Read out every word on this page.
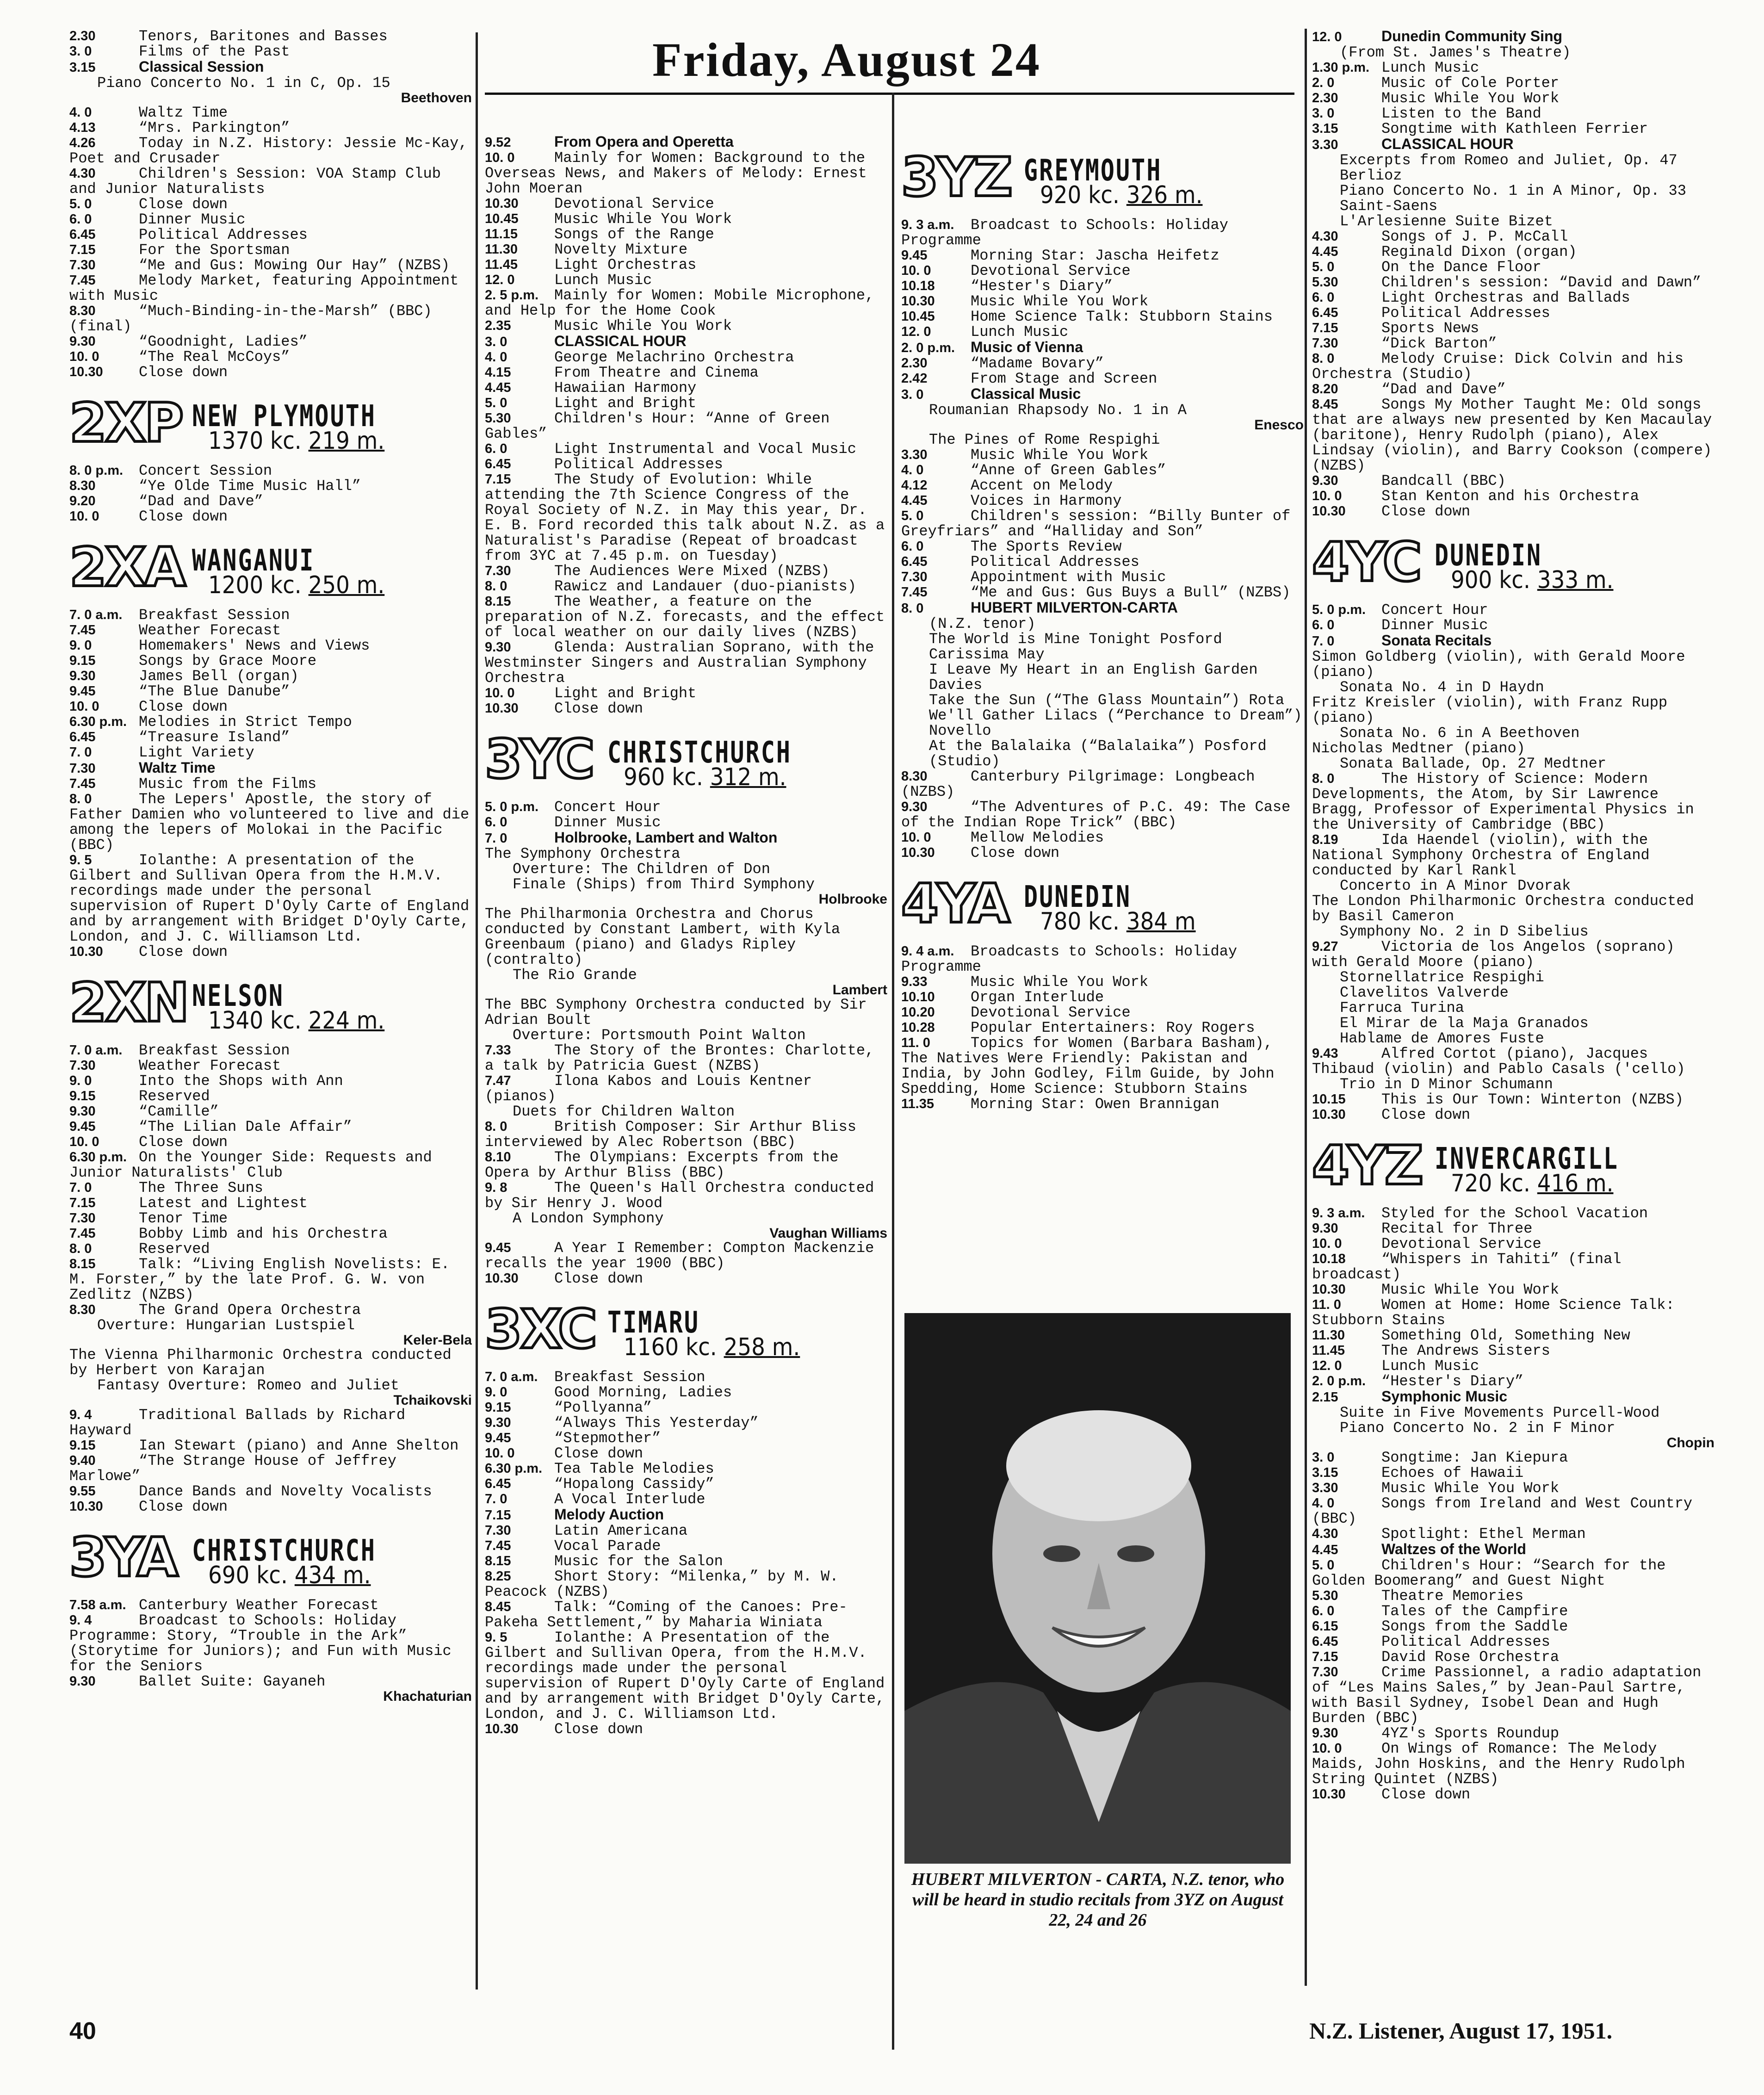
Friday, August 24
2.30	Tenors, Baritones and Basses
3. 0	Films of the Past
3.15	Classical Session
Piano Concerto No. 1 in C, Op. 15
Beethoven
4. 0	Waltz Time
4.13	“Mrs. Parkington”
4.26	Today in N.Z. History: Jessie Mc-Kay, Poet and Crusader
4.30	Children's Session: VOA Stamp Club and Junior Naturalists
5. 0	Close down
6. 0	Dinner Music
6.45	Political Addresses
7.15	For the Sportsman
7.30	“Me and Gus: Mowing Our Hay” (NZBS)
7.45	Melody Market, featuring Appointment with Music
8.30	“Much-Binding-in-the-Marsh” (BBC) (final)
9.30	“Goodnight, Ladies”
10. 0	“The Real McCoys”
10.30 Close down
2XP NEW PLYMOUTH
1370 kc. 219 m.
8. 0 p.m. Concert Session
8.30	“Ye Olde Time Music Hall”
9.20	“Dad and Dave”
10. 0	Close down
2XA WANGANUI
1200 kc. 250 m.
7. 0 a.m. Breakfast Session
7.45	Weather Forecast
9. 0	Homemakers' News and Views
9.15	Songs by Grace Moore
9.30	James Bell (organ)
9.45	“The Blue Danube”
10. 0	Close down
6.30 p.m. Melodies in Strict Tempo
6.45	“Treasure Island”
7. 0	Light Variety
7.30	Waltz Time
7.45	Music from the Films
8. 0	The Lepers' Apostle, the story of Father Damien who volunteered to live and die among the lepers of Molokai in the Pacific (BBC)
9. 5	Iolanthe: A presentation of the Gilbert and Sullivan Opera from the H.M.V. recordings made under the personal supervision of Rupert D'Oyly Carte of England and by arrangement with Bridget D'Oyly Carte, London, and J. C. Williamson Ltd.
10.30 Close down
2XN NELSON
1340 kc. 224 m.
7. 0 a.m. Breakfast Session
7.30	Weather Forecast
9. 0	Into the Shops with Ann
9.15	Reserved
9.30	“Camille”
9.45	“The Lilian Dale Affair”
10. 0	Close down
6.30 p.m. On the Younger Side: Requests and Junior Naturalists' Club
7. 0	The Three Suns
7.15	Latest and Lightest
7.30	Tenor Time
7.45	Bobby Limb and his Orchestra
8. 0	Reserved
8.15	Talk: “Living English Novelists: E. M. Forster,” by the late Prof. G. W. von Zedlitz (NZBS)
8.30	The Grand Opera Orchestra
Overture: Hungarian Lustspiel
Keler-Bela
The Vienna Philharmonic Orchestra conducted by Herbert von Karajan
Fantasy Overture: Romeo and Juliet
Tchaikovski
9. 4	Traditional Ballads by Richard Hayward
9.15	Ian Stewart (piano) and Anne Shelton
9.40	“The Strange House of Jeffrey Marlowe”
9.55	Dance Bands and Novelty Vocalists
10.30 Close down
3YA CHRISTCHURCH
690 kc. 434 m.
7.58 a.m. Canterbury Weather Forecast
9. 4	Broadcast to Schools: Holiday Programme: Story, “Trouble in the Ark” (Storytime for Juniors); and Fun with Music for the Seniors
9.30	Ballet Suite: Gayaneh
Khachaturian
9.52	From Opera and Operetta
10. 0	Mainly for Women: Background to the Overseas News, and Makers of Melody: Ernest John Moeran
10.30 Devotional Service
10.45 Music While You Work
11.15 Songs of the Range
11.30 Novelty Mixture
11.45 Light Orchestras
12. 0	Lunch Music
2. 5 p.m. Mainly for Women: Mobile Microphone, and Help for the Home Cook
2.35	Music While You Work
3. 0	CLASSICAL HOUR
4. 0	George Melachrino Orchestra
4.15	From Theatre and Cinema
4.45	Hawaiian Harmony
5. 0	Light and Bright
5.30	Children's Hour: “Anne of Green Gables”
6. 0	Light Instrumental and Vocal Music
6.45	Political Addresses
7.15	The Study of Evolution: While attending the 7th Science Congress of the Royal Society of N.Z. in May this year, Dr. E. B. Ford recorded this talk about N.Z. as a Naturalist's Paradise (Repeat of broadcast from 3YC at 7.45 p.m. on Tuesday)
7.30	The Audiences Were Mixed (NZBS)
8. 0	Rawicz and Landauer (duo-pianists)
8.15	The Weather, a feature on the preparation of N.Z. forecasts, and the effect of local weather on our daily lives (NZBS)
9.30	Glenda: Australian Soprano, with the Westminster Singers and Australian Symphony Orchestra
10. 0	Light and Bright
10.30 Close down
3YC CHRISTCHURCH
960 kc. 312 m.
5. 0 p.m. Concert Hour
6. 0	Dinner Music
7. 0	Holbrooke, Lambert and Walton
The Symphony Orchestra
Overture: The Children of Don
Finale (Ships) from Third Symphony
Holbrooke
The Philharmonia Orchestra and Chorus conducted by Constant Lambert, with Kyla Greenbaum (piano) and Gladys Ripley (contralto)
The Rio Grande
Lambert
The BBC Symphony Orchestra conducted by Sir Adrian Boult
Overture: Portsmouth Point Walton
7.33	The Story of the Brontes: Charlotte, a talk by Patricia Guest (NZBS)
7.47	Ilona Kabos and Louis Kentner (pianos)
Duets for Children Walton
8. 0	British Composer: Sir Arthur Bliss interviewed by Alec Robertson (BBC)
8.10	The Olympians: Excerpts from the Opera by Arthur Bliss (BBC)
9. 8	The Queen's Hall Orchestra conducted by Sir Henry J. Wood
A London Symphony
Vaughan Williams
9.45	A Year I Remember: Compton Mackenzie recalls the year 1900 (BBC)
10.30 Close down
3XC TIMARU
1160 kc. 258 m.
7. 0 a.m. Breakfast Session
9. 0	Good Morning, Ladies
9.15	“Pollyanna”
9.30	“Always This Yesterday”
9.45	“Stepmother”
10. 0	Close down
6.30 p.m. Tea Table Melodies
6.45	“Hopalong Cassidy”
7. 0	A Vocal Interlude
7.15	Melody Auction
7.30	Latin Americana
7.45	Vocal Parade
8.15	Music for the Salon
8.25	Short Story: “Milenka,” by M. W. Peacock (NZBS)
8.45	Talk: “Coming of the Canoes: Pre-Pakeha Settlement,” by Maharia Winiata
9. 5	Iolanthe: A Presentation of the Gilbert and Sullivan Opera, from the H.M.V. recordings made under the personal supervision of Rupert D'Oyly Carte of England and by arrangement with Bridget D'Oyly Carte, London, and J. C. Williamson Ltd.
10.30 Close down
3YZ GREYMOUTH
920 kc. 326 m.
9. 3 a.m. Broadcast to Schools: Holiday Programme
9.45	Morning Star: Jascha Heifetz
10. 0	Devotional Service
10.18 “Hester's Diary”
10.30 Music While You Work
10.45 Home Science Talk: Stubborn Stains
12. 0	Lunch Music
2. 0 p.m. Music of Vienna
2.30	“Madame Bovary”
2.42	From Stage and Screen
3. 0	Classical Music
Roumanian Rhapsody No. 1 in A
Enesco
The Pines of Rome Respighi
3.30	Music While You Work
4. 0	“Anne of Green Gables”
4.12	Accent on Melody
4.45	Voices in Harmony
5. 0	Children's session: “Billy Bunter of Greyfriars” and “Halliday and Son”
6. 0	The Sports Review
6.45	Political Addresses
7.30	Appointment with Music
7.45	“Me and Gus: Gus Buys a Bull” (NZBS)
8. 0	HUBERT MILVERTON-CARTA
(N.Z. tenor)
The World is Mine Tonight Posford
Carissima May
I Leave My Heart in an English Garden Davies
Take the Sun (“The Glass Mountain”) Rota
We'll Gather Lilacs (“Perchance to Dream”) Novello
At the Balalaika (“Balalaika”) Posford
(Studio)
8.30	Canterbury Pilgrimage: Longbeach (NZBS)
9.30	“The Adventures of P.C. 49: The Case of the Indian Rope Trick” (BBC)
10. 0	Mellow Melodies
10.30 Close down
4YA DUNEDIN
780 kc. 384 m
9. 4 a.m. Broadcasts to Schools: Holiday Programme
9.33	Music While You Work
10.10 Organ Interlude
10.20 Devotional Service
10.28 Popular Entertainers: Roy Rogers
11. 0	Topics for Women (Barbara Basham), The Natives Were Friendly: Pakistan and India, by John Godley, Film Guide, by John Spedding, Home Science: Stubborn Stains
11.35 Morning Star: Owen Brannigan
HUBERT MILVERTON - CARTA, N.Z. tenor, who will be heard in studio recitals from 3YZ on August 22, 24 and 26
12. 0	Dunedin Community Sing
(From St. James's Theatre)
1.30 p.m. Lunch Music
2. 0	Music of Cole Porter
2.30	Music While You Work
3. 0	Listen to the Band
3.15	Songtime with Kathleen Ferrier
3.30	CLASSICAL HOUR
Excerpts from Romeo and Juliet, Op. 47 Berlioz
Piano Concerto No. 1 in A Minor, Op. 33 Saint-Saens
L'Arlesienne Suite Bizet
4.30	Songs of J. P. McCall
4.45	Reginald Dixon (organ)
5. 0	On the Dance Floor
5.30	Children's session: “David and Dawn”
6. 0	Light Orchestras and Ballads
6.45	Political Addresses
7.15	Sports News
7.30	“Dick Barton”
8. 0	Melody Cruise: Dick Colvin and his Orchestra (Studio)
8.20	“Dad and Dave”
8.45	Songs My Mother Taught Me: Old songs that are always new presented by Ken Macaulay (baritone), Henry Rudolph (piano), Alex Lindsay (violin), and Barry Cookson (compere) (NZBS)
9.30	Bandcall (BBC)
10. 0	Stan Kenton and his Orchestra
10.30 Close down
4YC DUNEDIN
900 kc. 333 m.
5. 0 p.m. Concert Hour
6. 0	Dinner Music
7. 0	Sonata Recitals
Simon Goldberg (violin), with Gerald Moore (piano)
Sonata No. 4 in D Haydn
Fritz Kreisler (violin), with Franz Rupp (piano)
Sonata No. 6 in A Beethoven
Nicholas Medtner (piano)
Sonata Ballade, Op. 27 Medtner
8. 0	The History of Science: Modern Developments, the Atom, by Sir Lawrence Bragg, Professor of Experimental Physics in the University of Cambridge (BBC)
8.19	Ida Haendel (violin), with the National Symphony Orchestra of England conducted by Karl Rankl
Concerto in A Minor Dvorak
The London Philharmonic Orchestra conducted by Basil Cameron
Symphony No. 2 in D Sibelius
9.27	Victoria de los Angelos (soprano) with Gerald Moore (piano)
Stornellatrice Respighi
Clavelitos Valverde
Farruca Turina
El Mirar de la Maja Granados
Hablame de Amores Fuste
9.43	Alfred Cortot (piano), Jacques Thibaud (violin) and Pablo Casals ('cello)
Trio in D Minor Schumann
10.15 This is Our Town: Winterton (NZBS)
10.30 Close down
4YZ INVERCARGILL
720 kc. 416 m.
9. 3 a.m. Styled for the School Vacation
9.30	Recital for Three
10. 0	Devotional Service
10.18 “Whispers in Tahiti” (final broadcast)
10.30 Music While You Work
11. 0	Women at Home: Home Science Talk: Stubborn Stains
11.30 Something Old, Something New
11.45 The Andrews Sisters
12. 0	Lunch Music
2. 0 p.m. “Hester's Diary”
2.15	Symphonic Music
Suite in Five Movements Purcell-Wood
Piano Concerto No. 2 in F Minor
Chopin
3. 0	Songtime: Jan Kiepura
3.15	Echoes of Hawaii
3.30	Music While You Work
4. 0	Songs from Ireland and West Country (BBC)
4.30	Spotlight: Ethel Merman
4.45	Waltzes of the World
5. 0	Children's Hour: “Search for the Golden Boomerang” and Guest Night
5.30	Theatre Memories
6. 0	Tales of the Campfire
6.15	Songs from the Saddle
6.45	Political Addresses
7.15	David Rose Orchestra
7.30	Crime Passionnel, a radio adaptation of “Les Mains Sales,” by Jean-Paul Sartre, with Basil Sydney, Isobel Dean and Hugh Burden (BBC)
9.30	4YZ's Sports Roundup
10. 0	On Wings of Romance: The Melody Maids, John Hoskins, and the Henry Rudolph String Quintet (NZBS)
10.30 Close down
40	N.Z. Listener, August 17, 1951.
